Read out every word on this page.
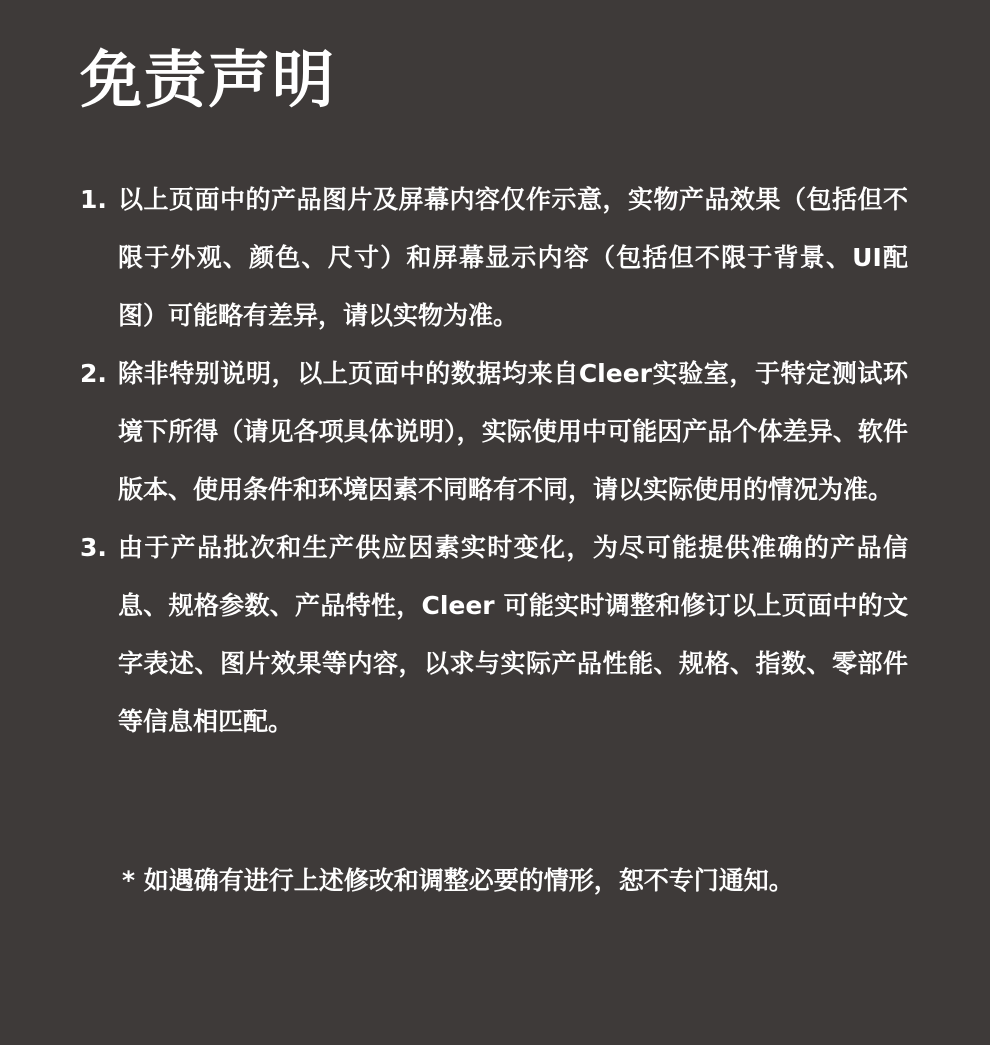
免责声明
1. 以上页面中的产品图片及屏幕内容仅作示意，实物产品效果（包括但不限于外观、颜色、尺寸）和屏幕显示内容（包括但不限于背景、UI配图）可能略有差异，请以实物为准。
2. 除非特别说明，以上页面中的数据均来自Cleer实验室，于特定测试环境下所得（请见各项具体说明），实际使用中可能因产品个体差异、软件版本、使用条件和环境因素不同略有不同，请以实际使用的情况为准。
3. 由于产品批次和生产供应因素实时变化，为尽可能提供准确的产品信息、规格参数、产品特性，Cleer 可能实时调整和修订以上页面中的文字表述、图片效果等内容，以求与实际产品性能、规格、指数、零部件等信息相匹配。
* 如遇确有进行上述修改和调整必要的情形，恕不专门通知。
